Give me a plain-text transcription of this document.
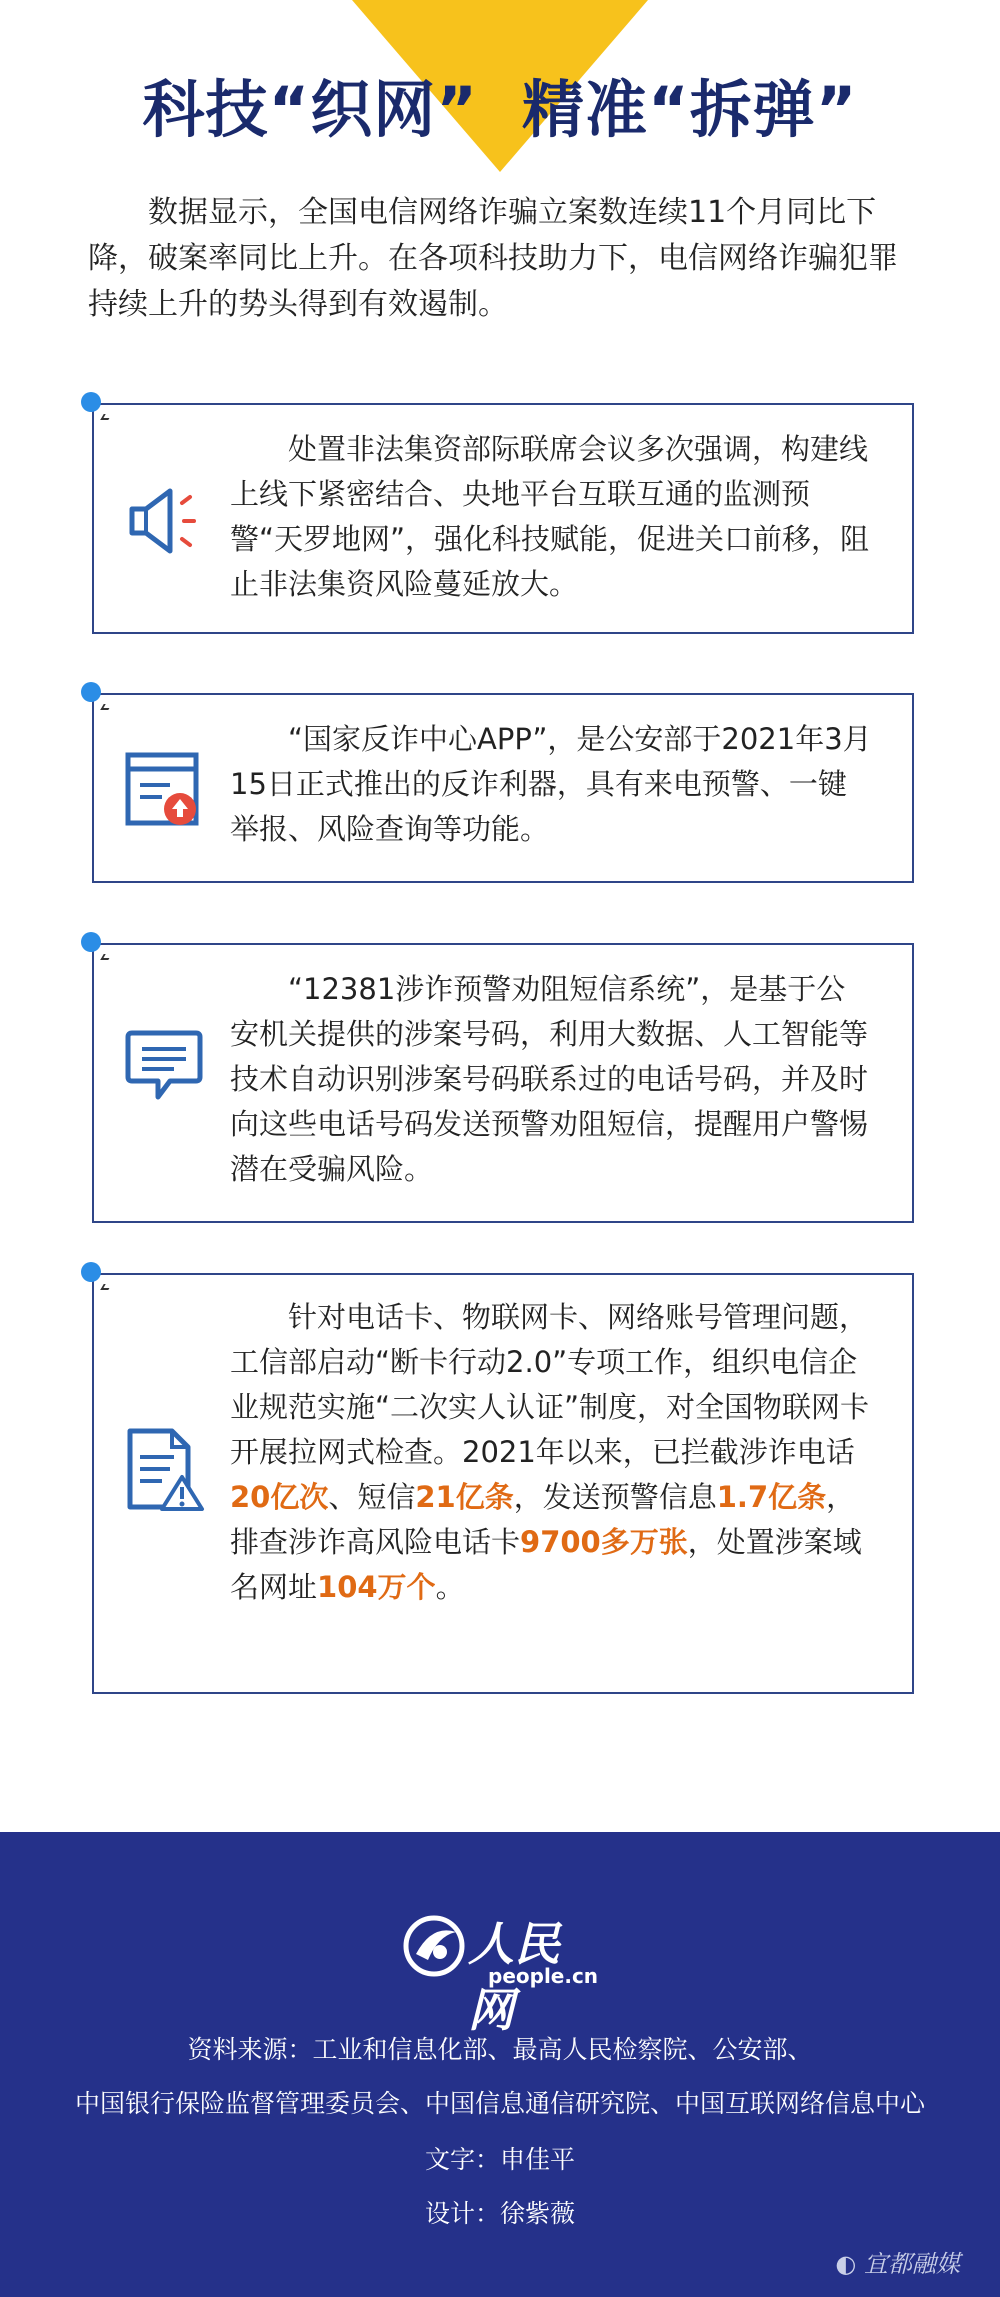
科技“织网” 精准“拆弹”
数据显示，全国电信网络诈骗立案数连续11个月同比下降，破案率同比上升。在各项科技助力下，电信网络诈骗犯罪持续上升的势头得到有效遏制。
处置非法集资部际联席会议多次强调，构建线上线下紧密结合、央地平台互联互通的监测预警“天罗地网”，强化科技赋能，促进关口前移，阻止非法集资风险蔓延放大。
“国家反诈中心APP”，是公安部于2021年3月15日正式推出的反诈利器，具有来电预警、一键举报、风险查询等功能。
“12381涉诈预警劝阻短信系统”，是基于公安机关提供的涉案号码，利用大数据、人工智能等技术自动识别涉案号码联系过的电话号码，并及时向这些电话号码发送预警劝阻短信，提醒用户警惕潜在受骗风险。
针对电话卡、物联网卡、网络账号管理问题，工信部启动“断卡行动2.0”专项工作，组织电信企业规范实施“二次实人认证”制度，对全国物联网卡开展拉网式检查。2021年以来，已拦截涉诈电话20亿次、短信21亿条，发送预警信息1.7亿条，排查涉诈高风险电话卡9700多万张，处置涉案域名网址104万个。
人民网
people.cn
资料来源：工业和信息化部、最高人民检察院、公安部、
中国银行保险监督管理委员会、中国信息通信研究院、中国互联网络信息中心
文字：申佳平
设计：徐紫薇
◐ 宜都融媒
